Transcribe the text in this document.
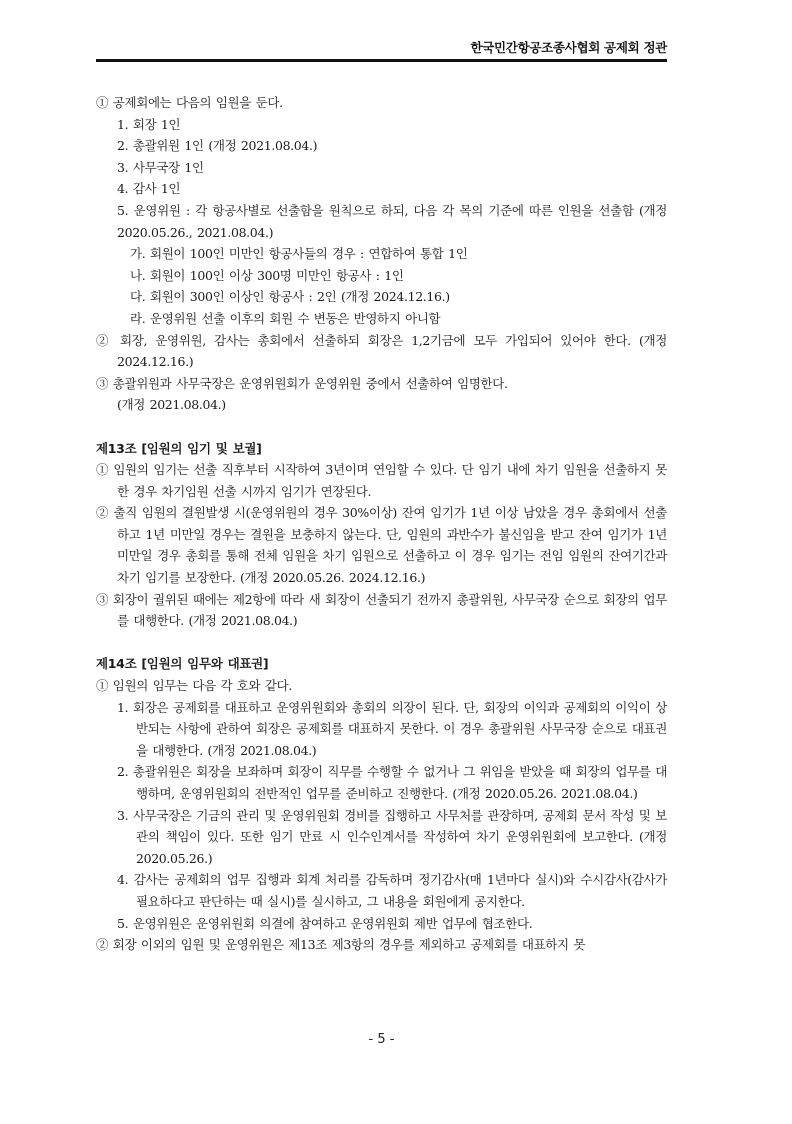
한국민간항공조종사협회 공제회 정관
① 공제회에는 다음의 임원을 둔다.
1. 회장 1인
2. 총괄위원 1인 (개정 2021.08.04.)
3. 사무국장 1인
4. 감사 1인
5. 운영위원 : 각 항공사별로 선출함을 원칙으로 하되, 다음 각 목의 기준에 따른 인원을 선출함 (개정 2020.05.26., 2021.08.04.)
가. 회원이 100인 미만인 항공사들의 경우 : 연합하여 통합 1인
나. 회원이 100인 이상 300명 미만인 항공사 : 1인
다. 회원이 300인 이상인 항공사 : 2인 (개정 2024.12.16.)
라. 운영위원 선출 이후의 회원 수 변동은 반영하지 아니함
② 회장, 운영위원, 감사는 총회에서 선출하되 회장은 1,2기금에 모두 가입되어 있어야 한다. (개정 2024.12.16.)
③ 총괄위원과 사무국장은 운영위원회가 운영위원 중에서 선출하여 임명한다.
(개정 2021.08.04.)
제13조 [임원의 임기 및 보궐]
① 임원의 임기는 선출 직후부터 시작하여 3년이며 연임할 수 있다. 단 임기 내에 차기 임원을 선출하지 못한 경우 차기임원 선출 시까지 임기가 연장된다.
② 출직 임원의 결원발생 시(운영위원의 경우 30%이상) 잔여 임기가 1년 이상 남았을 경우 총회에서 선출하고 1년 미만일 경우는 결원을 보충하지 않는다. 단, 임원의 과반수가 불신임을 받고 잔여 임기가 1년 미만일 경우 총회를 통해 전체 임원을 차기 임원으로 선출하고 이 경우 임기는 전임 임원의 잔여기간과 차기 임기를 보장한다. (개정 2020.05.26. 2024.12.16.)
③ 회장이 궐위된 때에는 제2항에 따라 새 회장이 선출되기 전까지 총괄위원, 사무국장 순으로 회장의 업무를 대행한다. (개정 2021.08.04.)
제14조 [임원의 임무와 대표권]
① 임원의 임무는 다음 각 호와 같다.
1. 회장은 공제회를 대표하고 운영위원회와 총회의 의장이 된다. 단, 회장의 이익과 공제회의 이익이 상반되는 사항에 관하여 회장은 공제회를 대표하지 못한다. 이 경우 총괄위원 사무국장 순으로 대표권을 대행한다. (개정 2021.08.04.)
2. 총괄위원은 회장을 보좌하며 회장이 직무를 수행할 수 없거나 그 위임을 받았을 때 회장의 업무를 대행하며, 운영위원회의 전반적인 업무를 준비하고 진행한다. (개정 2020.05.26. 2021.08.04.)
3. 사무국장은 기금의 관리 및 운영위원회 경비를 집행하고 사무처를 관장하며, 공제회 문서 작성 및 보관의 책임이 있다. 또한 임기 만료 시 인수인계서를 작성하여 차기 운영위원회에 보고한다. (개정 2020.05.26.)
4. 감사는 공제회의 업무 집행과 회계 처리를 감독하며 정기감사(매 1년마다 실시)와 수시감사(감사가 필요하다고 판단하는 때 실시)를 실시하고, 그 내용을 회원에게 공지한다.
5. 운영위원은 운영위원회 의결에 참여하고 운영위원회 제반 업무에 협조한다.
② 회장 이외의 임원 및 운영위원은 제13조 제3항의 경우를 제외하고 공제회를 대표하지 못
- 5 -
